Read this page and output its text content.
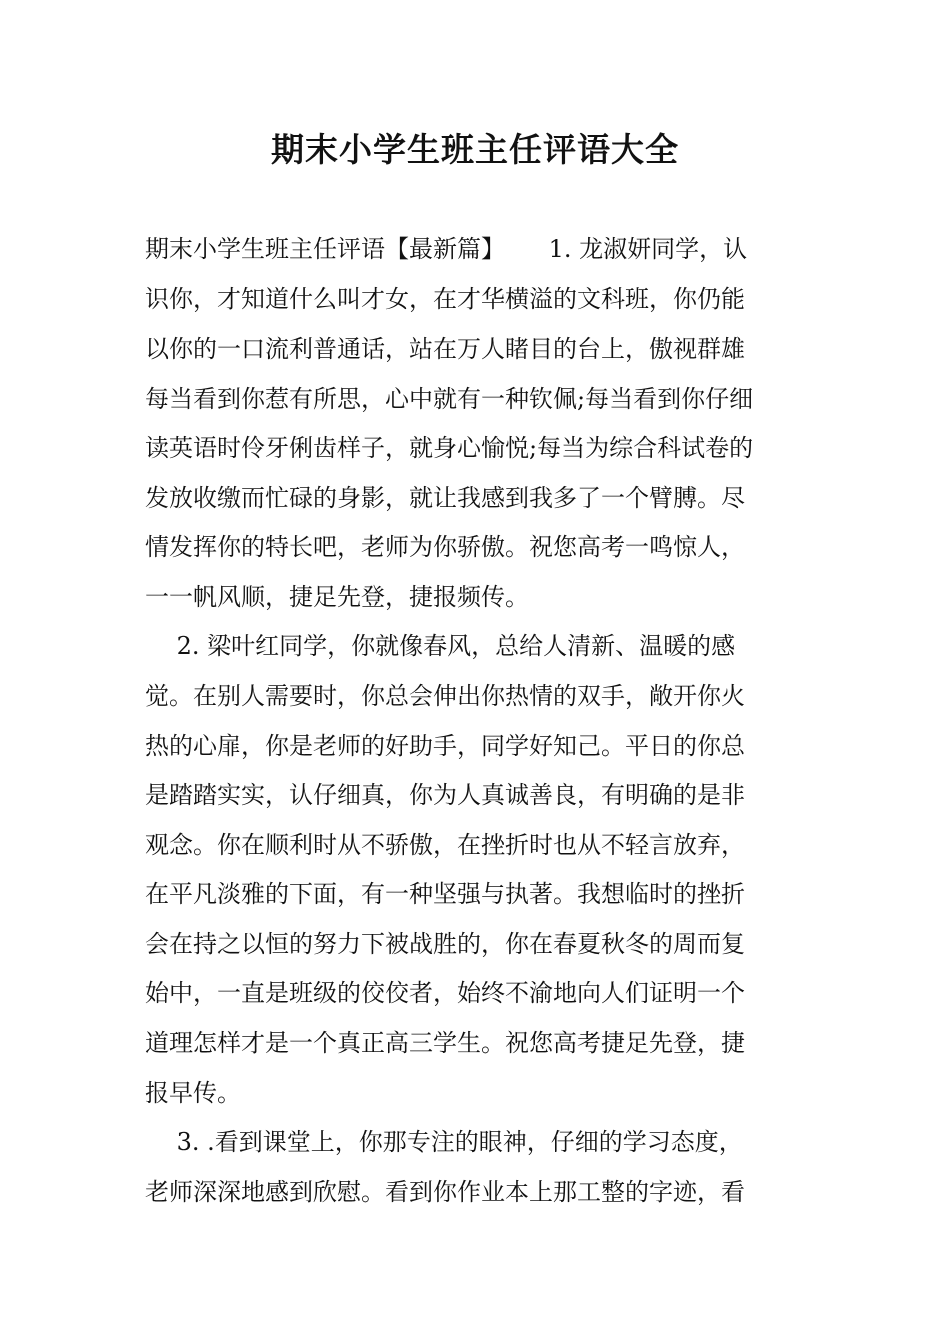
期末小学生班主任评语大全

期末小学生班主任评语【最新篇】　　 1. 龙淑妍同学，认

识你，才知道什么叫才女，在才华横溢的文科班，你仍能

以你的一口流利普通话，站在万人睹目的台上，傲视群雄

每当看到你惹有所思，心中就有一种钦佩;每当看到你仔细

读英语时伶牙俐齿样子，就身心愉悦;每当为综合科试卷的

发放收缴而忙碌的身影，就让我感到我多了一个臂膊。尽

情发挥你的特长吧，老师为你骄傲。祝您高考一鸣惊人，

一一帆风顺，捷足先登，捷报频传。

　 2. 梁叶红同学，你就像春风，总给人清新、温暖的感

觉。在别人需要时，你总会伸出你热情的双手，敞开你火

热的心扉，你是老师的好助手，同学好知己。平日的你总

是踏踏实实，认仔细真，你为人真诚善良，有明确的是非

观念。你在顺利时从不骄傲，在挫折时也从不轻言放弃，

在平凡淡雅的下面，有一种坚强与执著。我想临时的挫折

会在持之以恒的努力下被战胜的，你在春夏秋冬的周而复

始中，一直是班级的佼佼者，始终不渝地向人们证明一个

道理怎样才是一个真正高三学生。祝您高考捷足先登，捷

报早传。

　 3. .看到课堂上，你那专注的眼神，仔细的学习态度，

老师深深地感到欣慰。看到你作业本上那工整的字迹，看
